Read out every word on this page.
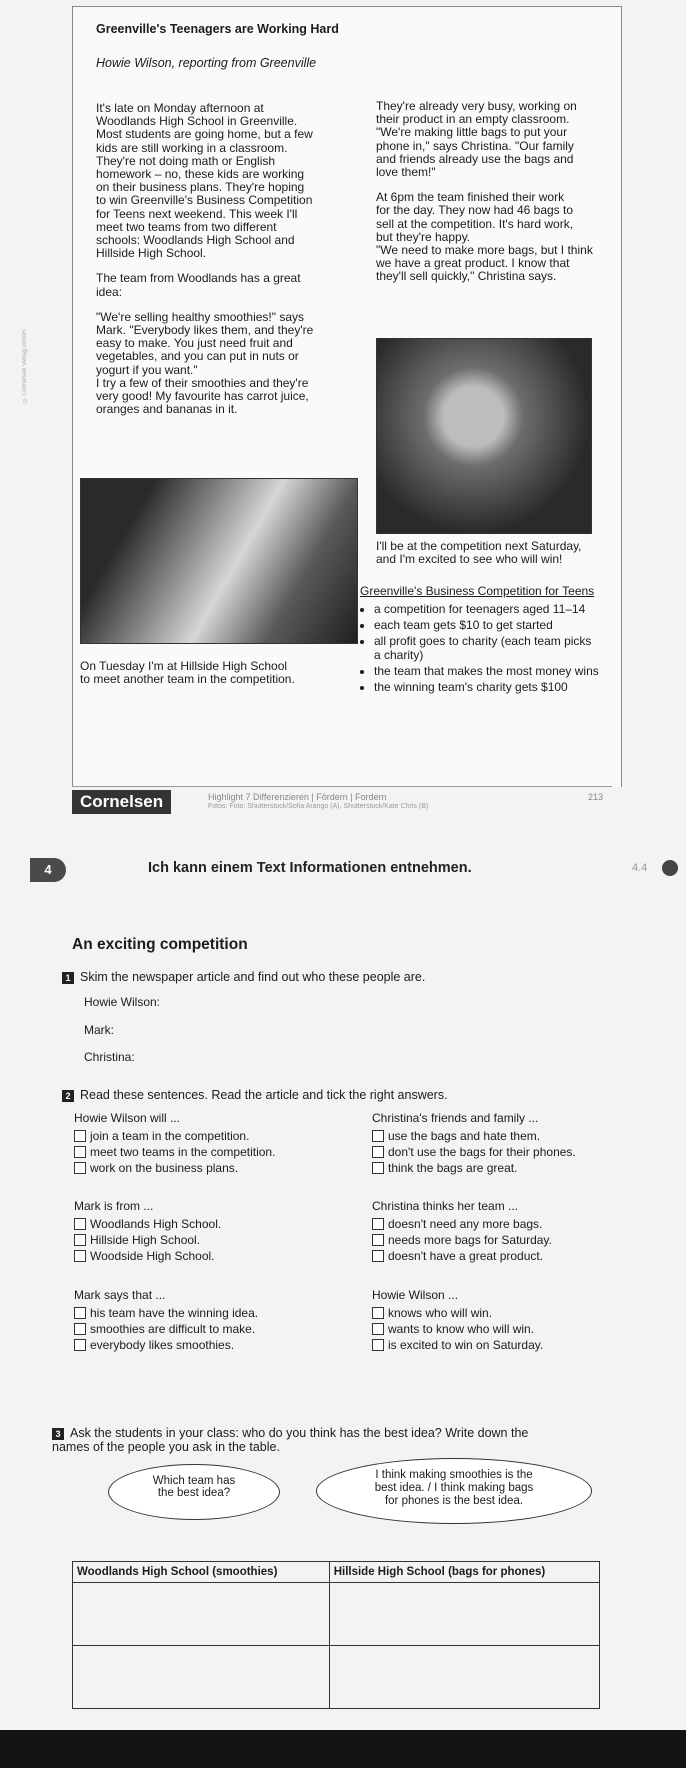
Greenville's Teenagers are Working Hard
Howie Wilson, reporting from Greenville

It's late on Monday afternoon at
Woodlands High School in Greenville.
Most students are going home, but a few
kids are still working in a classroom.
They're not doing math or English
homework – no, these kids are working
on their business plans. They're hoping
to win Greenville's Business Competition
for Teens next weekend. This week I'll
meet two teams from two different
schools: Woodlands High School and
Hillside High School.

The team from Woodlands has a great
idea:

"We're selling healthy smoothies!" says
Mark. "Everybody likes them, and they're
easy to make. You just need fruit and
vegetables, and you can put in nuts or
yogurt if you want."
I try a few of their smoothies and they're
very good! My favourite has carrot juice,
oranges and bananas in it.

They're already very busy, working on
their product in an empty classroom.
"We're making little bags to put your
phone in," says Christina. "Our family
and friends already use the bags and
love them!"

At 6pm the team finished their work
for the day. They now had 46 bags to
sell at the competition. It's hard work,
but they're happy.
"We need to make more bags, but I think
we have a great product. I know that
they'll sell quickly," Christina says.

I'll be at the competition next Saturday,
and I'm excited to see who will win!
On Tuesday I'm at Hillside High School
to meet another team in the competition.
Greenville's Business Competition for Teens
• a competition for teenagers aged 11–14
• each team gets $10 to get started
• all profit goes to charity (each team picks a charity)
• the team that makes the most money wins
• the winning team's charity gets $100
Cornelsen	Highlight 7 Differenzieren | Fördern | Fordern
Fotos: Foto: Shutterstock/Sofia Arango (A), Shutterstock/Kate Chris (B)
213
© Cornelsen Verlag GmbH
4	Ich kann einem Text Informationen entnehmen.	4.4
An exciting competition
1 Skim the newspaper article and find out who these people are.
Howie Wilson:
Mark:
Christina:
2 Read these sentences. Read the article and tick the right answers.
Howie Wilson will ...
join a team in the competition.
meet two teams in the competition.
work on the business plans.
Christina's friends and family ...
use the bags and hate them.
don't use the bags for their phones.
think the bags are great.
Mark is from ...
Woodlands High School.
Hillside High School.
Woodside High School.
Christina thinks her team ...
doesn't need any more bags.
needs more bags for Saturday.
doesn't have a great product.
Mark says that ...
his team have the winning idea.
smoothies are difficult to make.
everybody likes smoothies.
Howie Wilson ...
knows who will win.
wants to know who will win.
is excited to win on Saturday.

3 Ask the students in your class: who do you think has the best idea? Write down the
names of the people you ask in the table.

Which team has
the best idea?
I think making smoothies is the
best idea. / I think making bags
for phones is the best idea.
Woodlands High School (smoothies)	Hillside High School (bags for phones)
